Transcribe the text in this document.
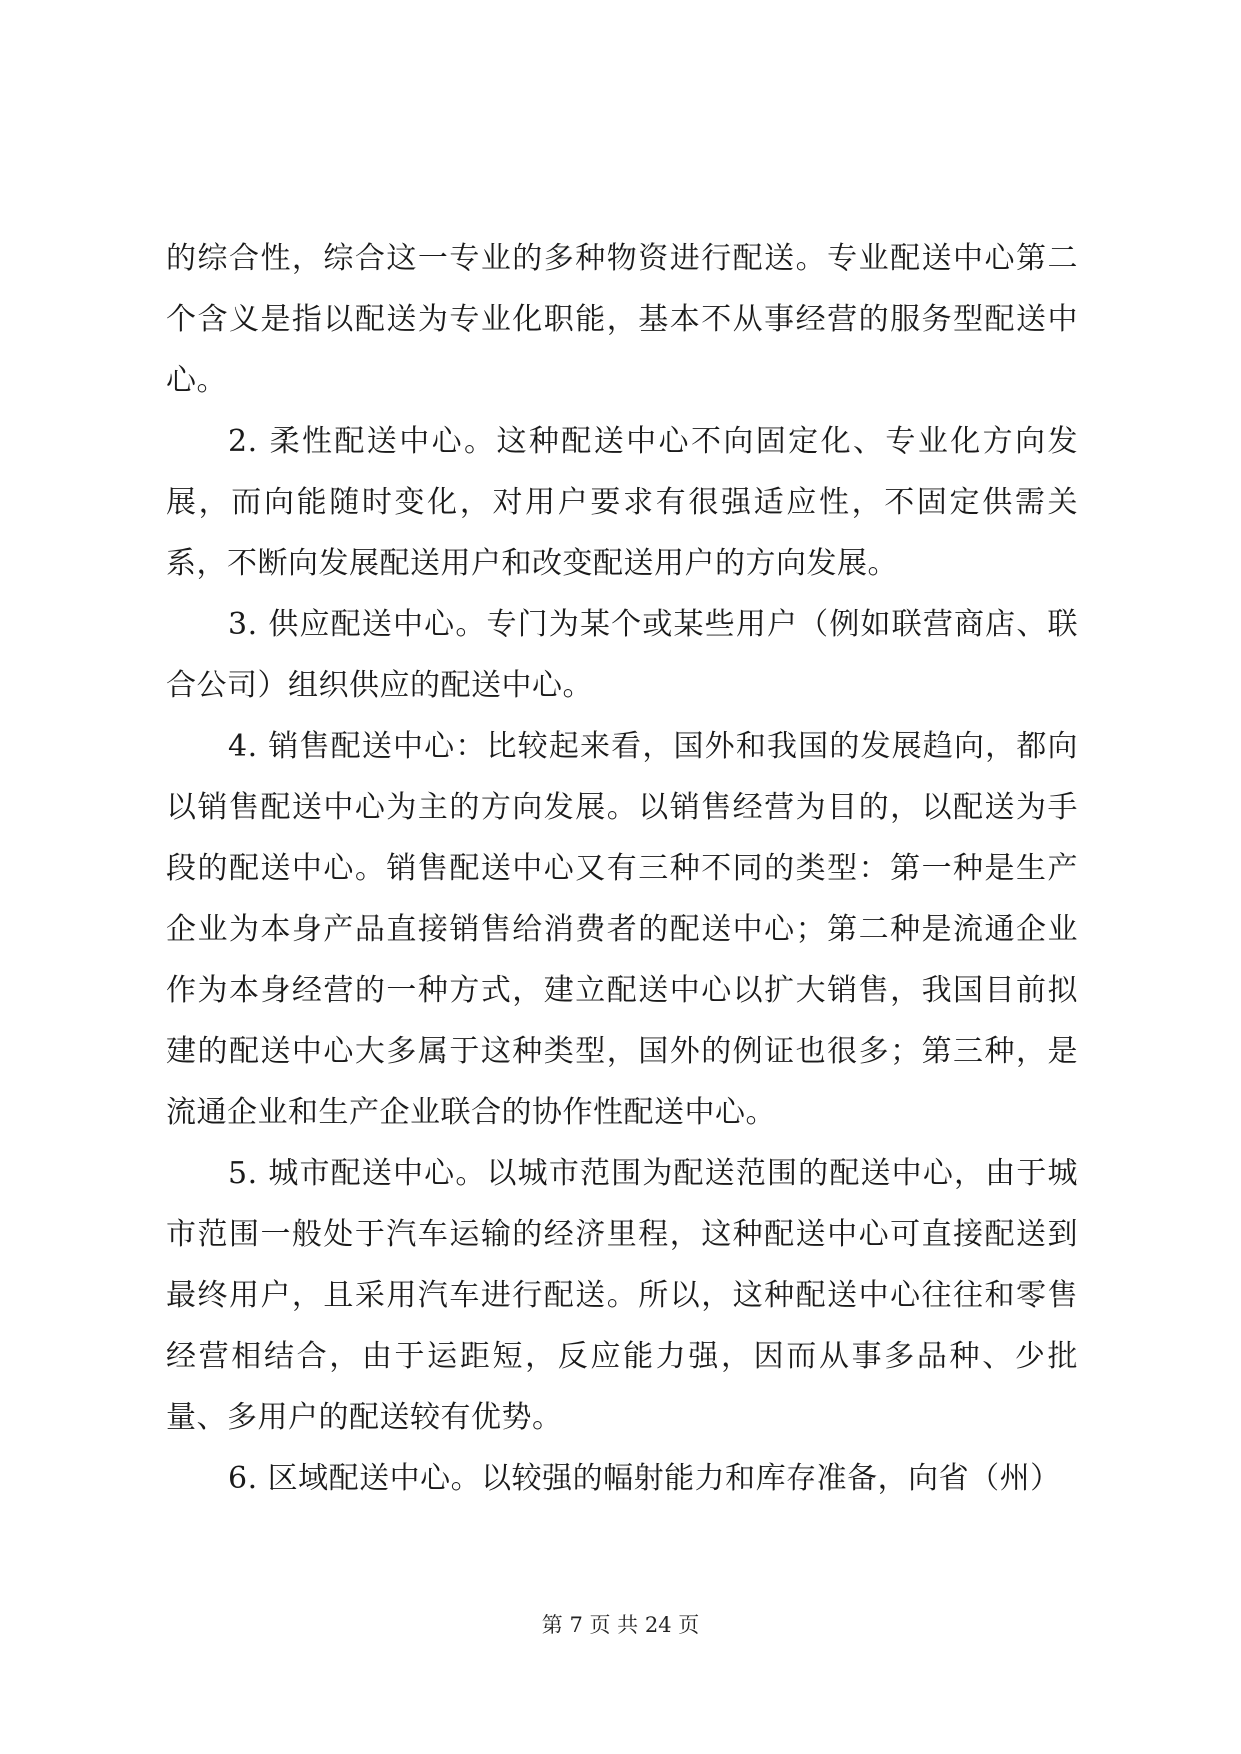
的综合性，综合这一专业的多种物资进行配送。专业配送中心第二个含义是指以配送为专业化职能，基本不从事经营的服务型配送中心。

2. 柔性配送中心。这种配送中心不向固定化、专业化方向发展，而向能随时变化，对用户要求有很强适应性，不固定供需关系，不断向发展配送用户和改变配送用户的方向发展。

3. 供应配送中心。专门为某个或某些用户（例如联营商店、联合公司）组织供应的配送中心。

4. 销售配送中心：比较起来看，国外和我国的发展趋向，都向以销售配送中心为主的方向发展。以销售经营为目的，以配送为手段的配送中心。销售配送中心又有三种不同的类型：第一种是生产企业为本身产品直接销售给消费者的配送中心；第二种是流通企业作为本身经营的一种方式，建立配送中心以扩大销售，我国目前拟建的配送中心大多属于这种类型，国外的例证也很多；第三种，是流通企业和生产企业联合的协作性配送中心。

5. 城市配送中心。以城市范围为配送范围的配送中心，由于城市范围一般处于汽车运输的经济里程，这种配送中心可直接配送到最终用户，且采用汽车进行配送。所以，这种配送中心往往和零售经营相结合，由于运距短，反应能力强，因而从事多品种、少批量、多用户的配送较有优势。

6. 区域配送中心。以较强的幅射能力和库存准备，向省（州）

第 7 页 共 24 页
